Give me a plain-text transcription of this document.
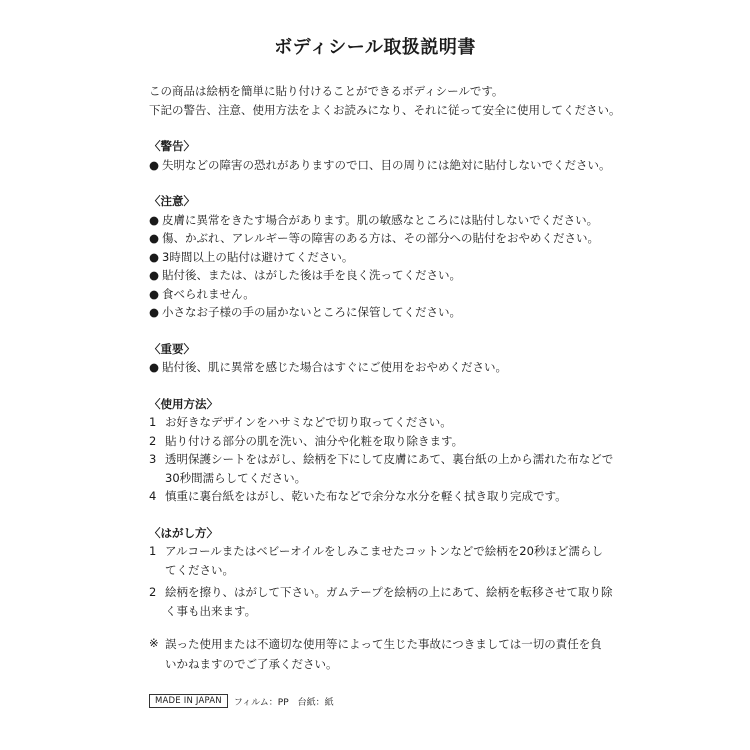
ボディシール取扱説明書
この商品は絵柄を簡単に貼り付けることができるボディシールです。
下記の警告、注意、使用方法をよくお読みになり、それに従って安全に使用してください。
〈警告〉
● 失明などの障害の恐れがありますので口、目の周りには絶対に貼付しないでください。
〈注意〉
● 皮膚に異常をきたす場合があります。肌の敏感なところには貼付しないでください。
● 傷、かぶれ、アレルギー等の障害のある方は、その部分への貼付をおやめください。
● 3時間以上の貼付は避けてください。
● 貼付後、または、はがした後は手を良く洗ってください。
● 食べられません。
● 小さなお子様の手の届かないところに保管してください。
〈重要〉
● 貼付後、肌に異常を感じた場合はすぐにご使用をおやめください。
〈使用方法〉
1 お好きなデザインをハサミなどで切り取ってください。
2 貼り付ける部分の肌を洗い、油分や化粧を取り除きます。
3 透明保護シートをはがし、絵柄を下にして皮膚にあて、裏台紙の上から濡れた布などで
30秒間濡らしてください。
4 慎重に裏台紙をはがし、乾いた布などで余分な水分を軽く拭き取り完成です。
〈はがし方〉
1 アルコールまたはベビーオイルをしみこませたコットンなどで絵柄を20秒ほど濡らし
てください。
2 絵柄を擦り、はがして下さい。ガムテープを絵柄の上にあて、絵柄を転移させて取り除
く事も出来ます。
※ 誤った使用または不適切な使用等によって生じた事故につきましては一切の責任を負いかねますのでご了承ください。
MADE IN JAPAN	フィルム：PP　台紙：紙
